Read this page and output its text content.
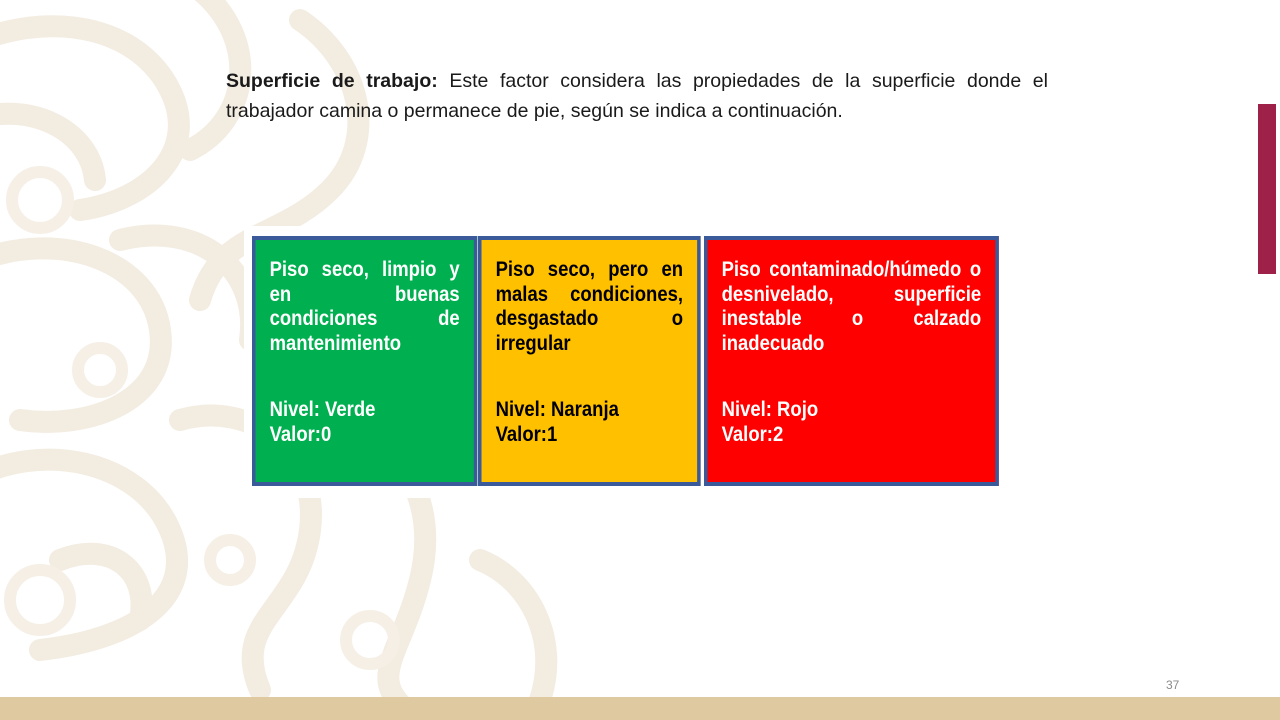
Superficie de trabajo: Este factor considera las propiedades de la superficie donde el trabajador camina o permanece de pie, según se indica a continuación.

Piso seco, limpio y en buenas condiciones de mantenimiento

Nivel: Verde
Valor:0

Piso seco, pero en malas condiciones, desgastado o irregular

Nivel: Naranja
Valor:1

Piso contaminado/húmedo o desnivelado, superficie inestable o calzado inadecuado

Nivel: Rojo
Valor:2
37
